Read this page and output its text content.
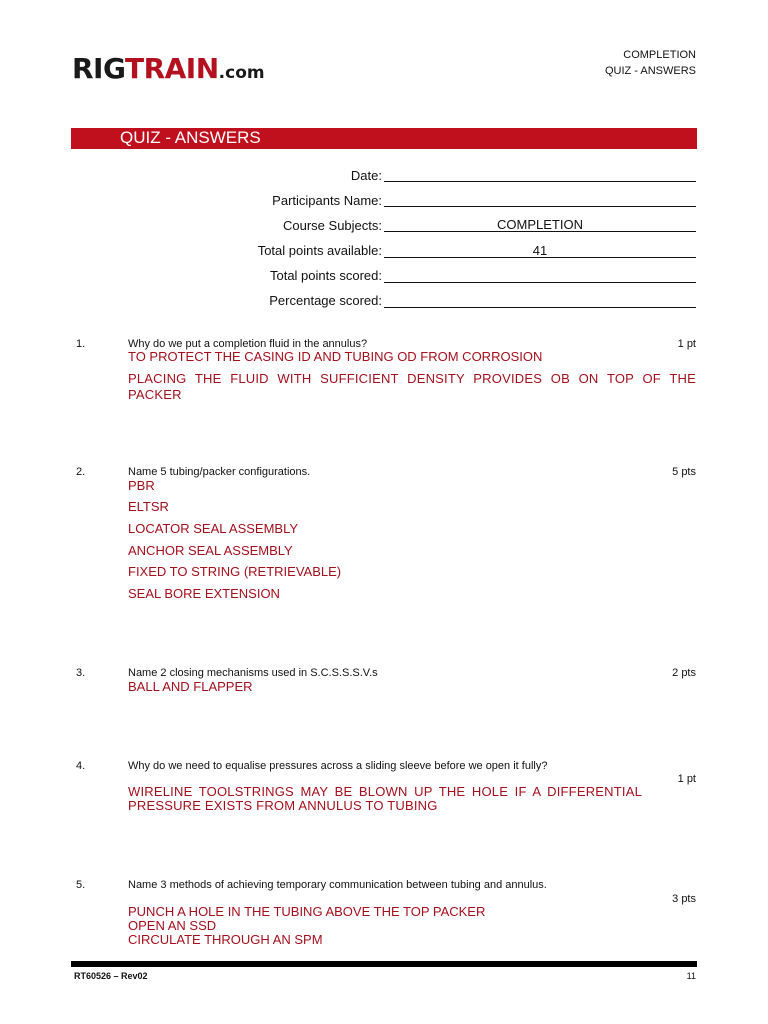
RIGTRAIN.com
COMPLETION
QUIZ - ANSWERS
QUIZ - ANSWERS
Date:
Participants Name:
Course Subjects:	COMPLETION
Total points available:	41
Total points scored:
Percentage scored:
1.	Why do we put a completion fluid in the annulus?	1 pt
TO PROTECT THE CASING ID AND TUBING OD FROM CORROSION
PLACING THE FLUID WITH SUFFICIENT DENSITY PROVIDES OB ON TOP OF THE PACKER
2.	Name 5 tubing/packer configurations.	5 pts
PBR
ELTSR
LOCATOR SEAL ASSEMBLY
ANCHOR SEAL ASSEMBLY
FIXED TO STRING (RETRIEVABLE)
SEAL BORE EXTENSION
3.	Name 2 closing mechanisms used in S.C.S.S.S.V.s	2 pts
BALL AND FLAPPER
4.	Why do we need to equalise pressures across a sliding sleeve before we open it fully?
1 pt
WIRELINE TOOLSTRINGS MAY BE BLOWN UP THE HOLE IF A DIFFERENTIAL PRESSURE EXISTS FROM ANNULUS TO TUBING
5.	Name 3 methods of achieving temporary communication between tubing and annulus.
3 pts
PUNCH A HOLE IN THE TUBING ABOVE THE TOP PACKER
OPEN AN SSD
CIRCULATE THROUGH AN SPM
RT60526 – Rev02	11
